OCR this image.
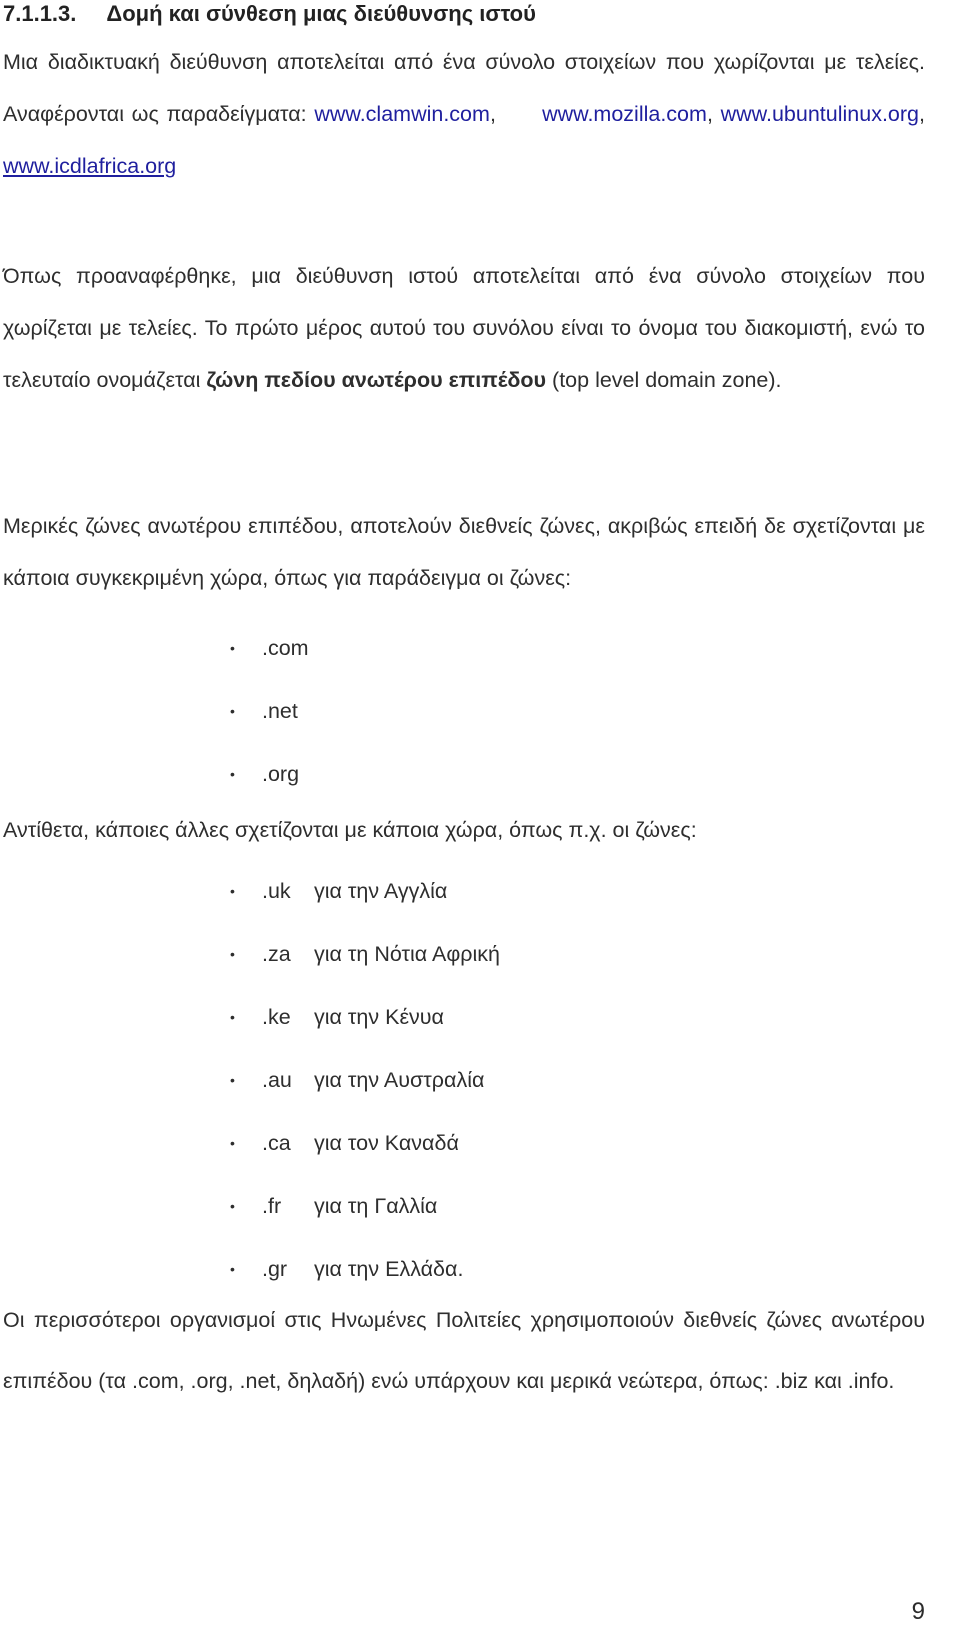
7.1.1.3. Δομή και σύνθεση μιας διεύθυνσης ιστού

Μια διαδικτυακή διεύθυνση αποτελείται από ένα σύνολο στοιχείων που χωρίζονται με τελείες. Αναφέρονται ως παραδείγματα: www.clamwin.com,      www.mozilla.com, www.ubuntulinux.org, www.icdlafrica.org

Όπως προαναφέρθηκε, μια διεύθυνση ιστού αποτελείται από ένα σύνολο στοιχείων που χωρίζεται με τελείες. Το πρώτο μέρος αυτού του συνόλου είναι το όνομα του διακομιστή, ενώ το τελευταίο ονομάζεται ζώνη πεδίου ανωτέρου επιπέδου (top level domain zone).

Μερικές ζώνες ανωτέρου επιπέδου, αποτελούν διεθνείς ζώνες, ακριβώς επειδή δε σχετίζονται με κάποια συγκεκριμένη χώρα, όπως για παράδειγμα οι ζώνες:

• .com
• .net
• .org

Αντίθετα, κάποιες άλλες σχετίζονται με κάποια χώρα, όπως π.χ. οι ζώνες:

• .uk για την Αγγλία
• .za για τη Νότια Αφρική
• .ke για την Κένυα
• .au για την Αυστραλία
• .ca για τον Καναδά
• .fr για τη Γαλλία
• .gr για την Ελλάδα.

Οι περισσότεροι οργανισμοί στις Ηνωμένες Πολιτείες χρησιμοποιούν διεθνείς ζώνες ανωτέρου επιπέδου (τα .com, .org, .net, δηλαδή) ενώ υπάρχουν και μερικά νεώτερα, όπως: .biz και .info.

9
